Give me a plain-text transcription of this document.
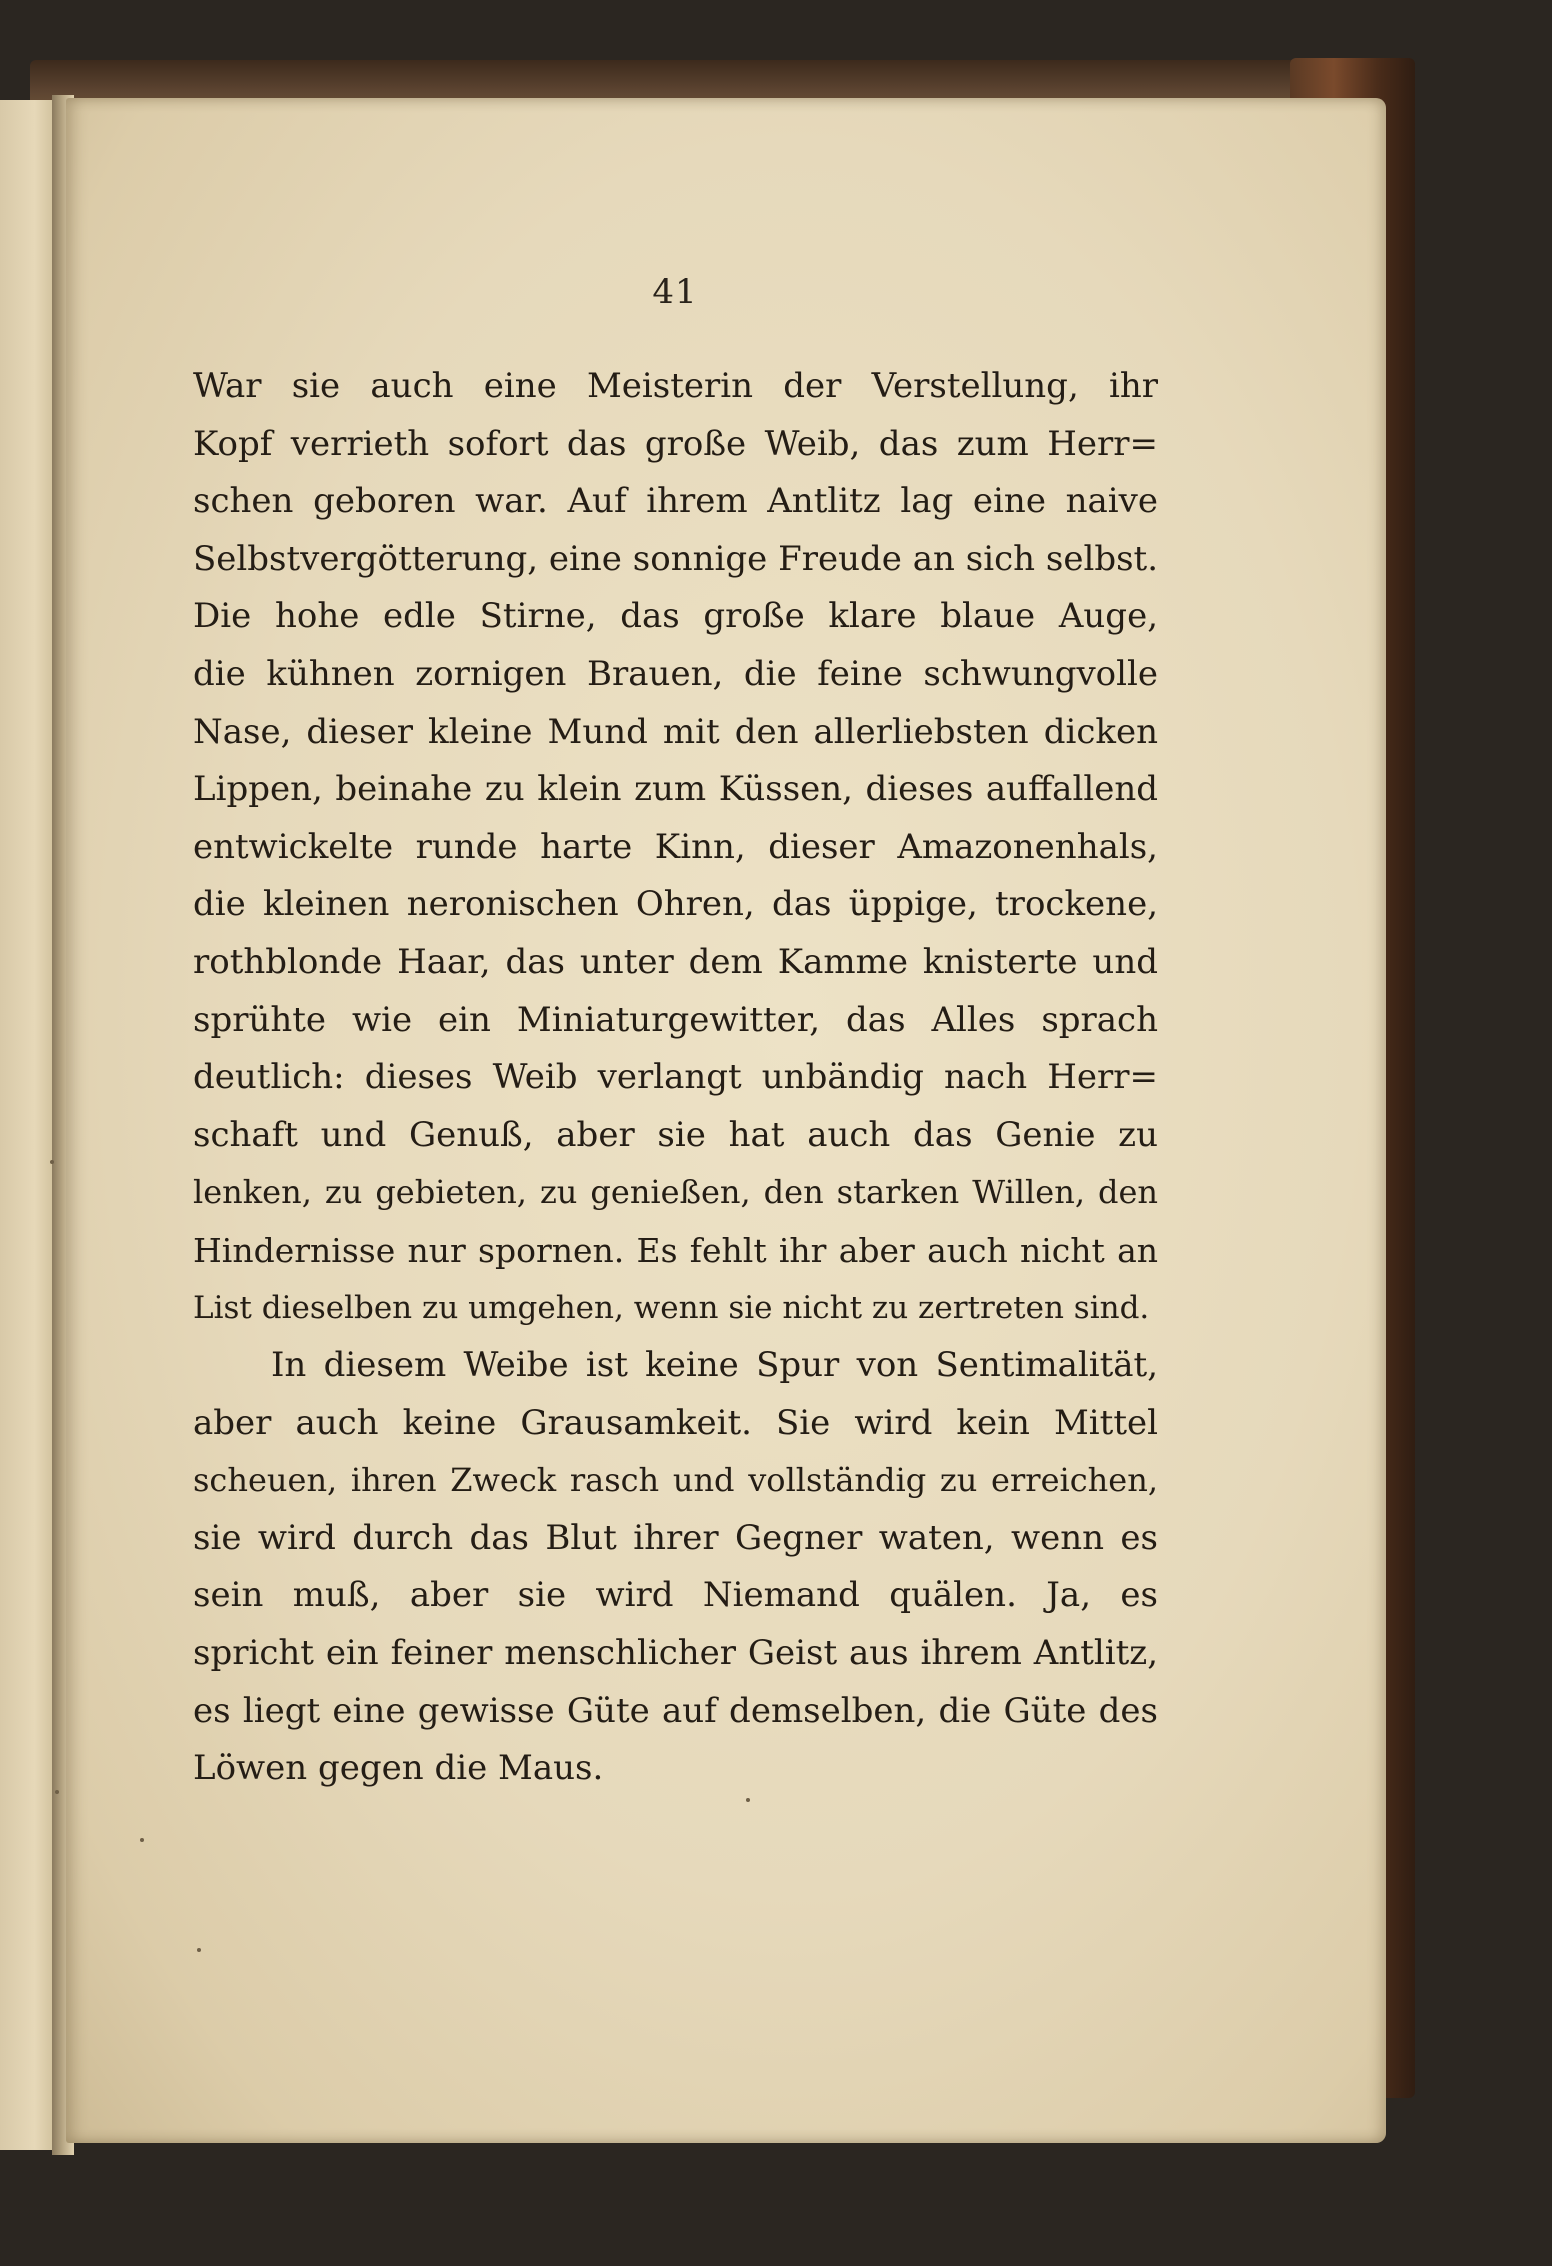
41
War sie auch eine Meisterin der Verstellung, ihr
Kopf verrieth sofort das große Weib, das zum Herr=
schen geboren war. Auf ihrem Antlitz lag eine naive
Selbstvergötterung, eine sonnige Freude an sich selbst.
Die hohe edle Stirne, das große klare blaue Auge,
die kühnen zornigen Brauen, die feine schwungvolle
Nase, dieser kleine Mund mit den allerliebsten dicken
Lippen, beinahe zu klein zum Küssen, dieses auffallend
entwickelte runde harte Kinn, dieser Amazonenhals,
die kleinen neronischen Ohren, das üppige, trockene,
rothblonde Haar, das unter dem Kamme knisterte und
sprühte wie ein Miniaturgewitter, das Alles sprach
deutlich: dieses Weib verlangt unbändig nach Herr=
schaft und Genuß, aber sie hat auch das Genie zu
lenken, zu gebieten, zu genießen, den starken Willen, den
Hindernisse nur spornen. Es fehlt ihr aber auch nicht an
List dieselben zu umgehen, wenn sie nicht zu zertreten sind.
In diesem Weibe ist keine Spur von Sentimalität,
aber auch keine Grausamkeit. Sie wird kein Mittel
scheuen, ihren Zweck rasch und vollständig zu erreichen,
sie wird durch das Blut ihrer Gegner waten, wenn es
sein muß, aber sie wird Niemand quälen. Ja, es
spricht ein feiner menschlicher Geist aus ihrem Antlitz,
es liegt eine gewisse Güte auf demselben, die Güte des
Löwen gegen die Maus.
